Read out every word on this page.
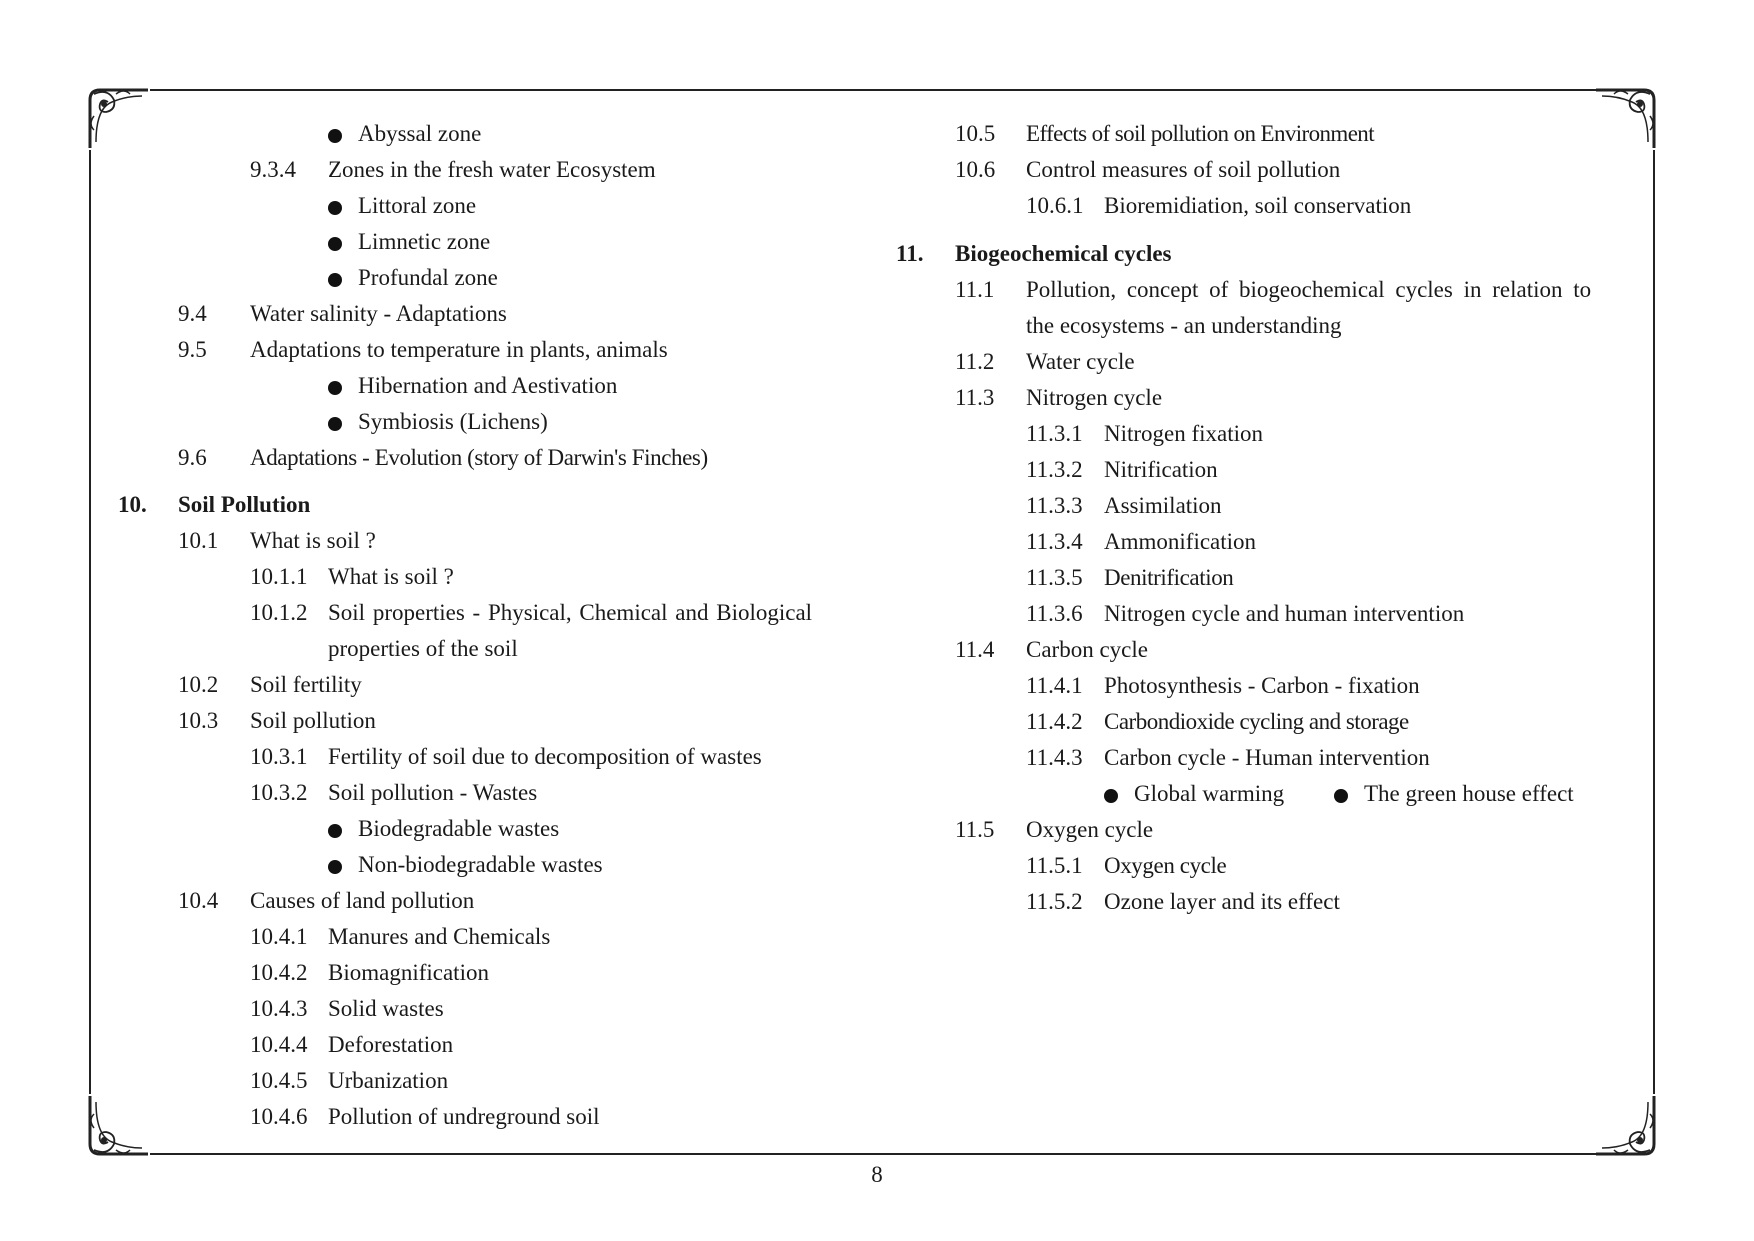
Abyssal zone
9.3.4 Zones in the fresh water Ecosystem
Littoral zone
Limnetic zone
Profundal zone
9.4 Water salinity - Adaptations
9.5 Adaptations to temperature in plants, animals
Hibernation and Aestivation
Symbiosis (Lichens)
9.6 Adaptations - Evolution (story of Darwin's Finches)
10. Soil Pollution
10.1 What is soil ?
10.1.1 What is soil ?
10.1.2 Soil properties - Physical, Chemical and Biological
properties of the soil
10.2 Soil fertility
10.3 Soil pollution
10.3.1 Fertility of soil due to decomposition of wastes
10.3.2 Soil pollution - Wastes
Biodegradable wastes
Non-biodegradable wastes
10.4 Causes of land pollution
10.4.1 Manures and Chemicals
10.4.2 Biomagnification
10.4.3 Solid wastes
10.4.4 Deforestation
10.4.5 Urbanization
10.4.6 Pollution of undreground soil
10.5 Effects of soil pollution on Environment
10.6 Control measures of soil pollution
10.6.1 Bioremidiation, soil conservation
11. Biogeochemical cycles
11.1 Pollution, concept of biogeochemical cycles in relation to
the ecosystems - an understanding
11.2 Water cycle
11.3 Nitrogen cycle
11.3.1 Nitrogen fixation
11.3.2 Nitrification
11.3.3 Assimilation
11.3.4 Ammonification
11.3.5 Denitrification
11.3.6 Nitrogen cycle and human intervention
11.4 Carbon cycle
11.4.1 Photosynthesis - Carbon - fixation
11.4.2 Carbondioxide cycling and storage
11.4.3 Carbon cycle - Human intervention
Global warming	The green house effect
11.5 Oxygen cycle
11.5.1 Oxygen cycle
11.5.2 Ozone layer and its effect
8
